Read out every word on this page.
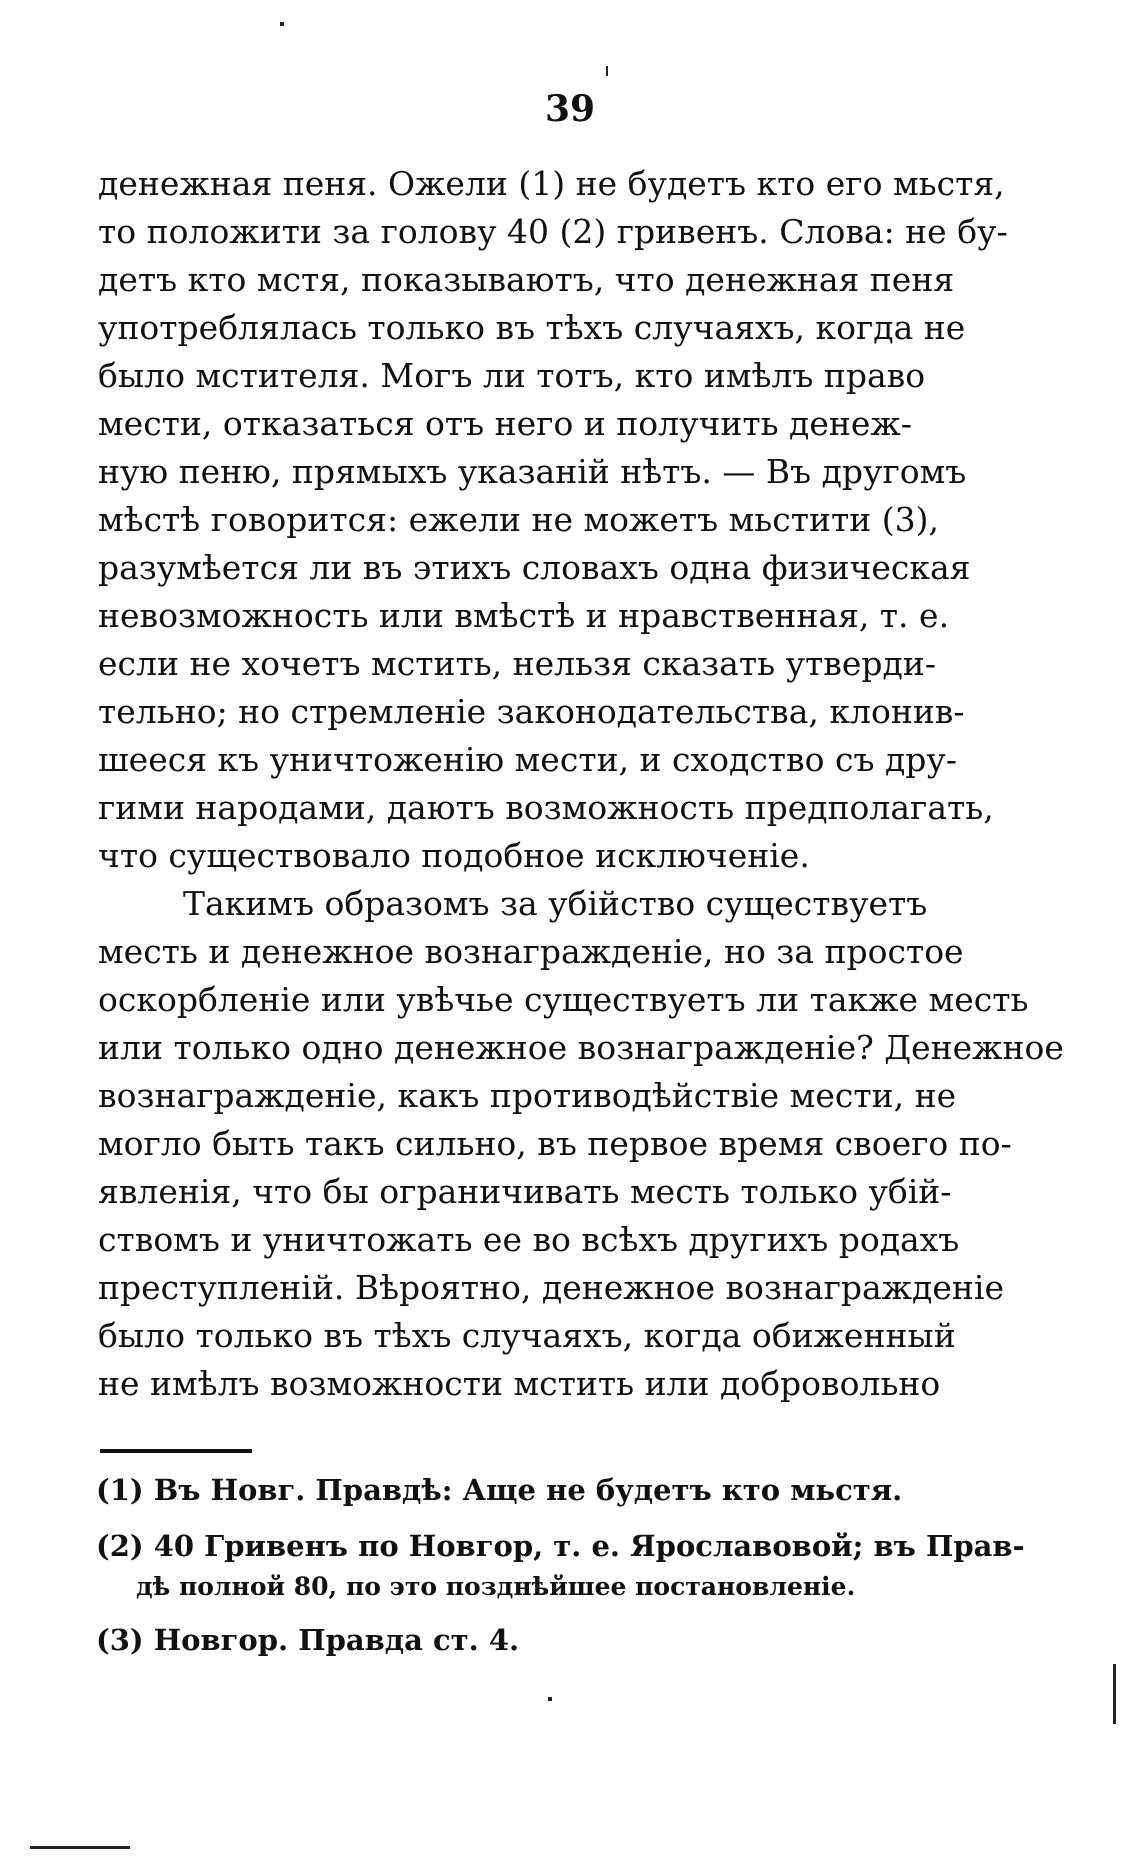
39
денежная пеня. Ожели (1) не будетъ кто его мьстя,
то положити за голову 40 (2) гривенъ. Слова: не бу-
детъ кто мстя, показываютъ, что денежная пеня
употреблялась только въ тѣхъ случаяхъ, когда не
было мстителя. Могъ ли тотъ, кто имѣлъ право
мести, отказаться отъ него и получить денеж-
ную пеню, прямыхъ указаній нѣтъ. — Въ другомъ
мѣстѣ говорится: ежели не можетъ мьстити (3),
разумѣется ли въ этихъ словахъ одна физическая
невозможность или вмѣстѣ и нравственная, т. е.
если не хочетъ мстить, нельзя сказать утверди-
тельно; но стремленіе законодательства, клонив-
шееся къ уничтоженію мести, и сходство съ дру-
гими народами, даютъ возможность предполагать,
что существовало подобное исключеніе.
Такимъ образомъ за убійство существуетъ
месть и денежное вознагражденіе, но за простое
оскорбленіе или увѣчье существуетъ ли также месть
или только одно денежное вознагражденіе? Денежное
вознагражденіе, какъ противодѣйствіе мести, не
могло быть такъ сильно, въ первое время своего по-
явленія, что бы ограничивать месть только убій-
ствомъ и уничтожать ее во всѣхъ другихъ родахъ
преступленій. Вѣроятно, денежное вознагражденіе
было только въ тѣхъ случаяхъ, когда обиженный
не имѣлъ возможности мстить или добровольно
(1) Въ Новг. Правдѣ: Аще не будетъ кто мьстя.
(2) 40 Гривенъ по Новгор, т. е. Ярославовой; въ Прав-
дѣ полной 80, по это позднѣйшее постановленіе.
(3) Новгор. Правда ст. 4.
